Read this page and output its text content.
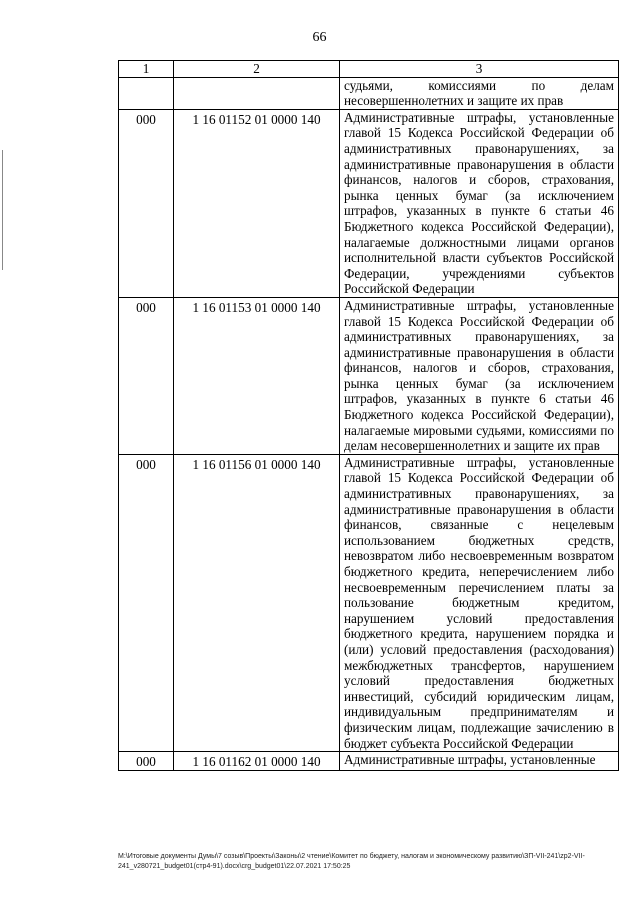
66
1	2	3
		судьями, комиссиями по делам несовершеннолетних и защите их прав
000	1 16 01152 01 0000 140	Административные штрафы, установленные главой 15 Кодекса Российской Федерации об административных правонарушениях, за административные правонарушения в области финансов, налогов и сборов, страхования, рынка ценных бумаг (за исключением штрафов, указанных в пункте 6 статьи 46 Бюджетного кодекса Российской Федерации), налагаемые должностными лицами органов исполнительной власти субъектов Российской Федерации, учреждениями субъектов Российской Федерации
000	1 16 01153 01 0000 140	Административные штрафы, установленные главой 15 Кодекса Российской Федерации об административных правонарушениях, за административные правонарушения в области финансов, налогов и сборов, страхования, рынка ценных бумаг (за исключением штрафов, указанных в пункте 6 статьи 46 Бюджетного кодекса Российской Федерации), налагаемые мировыми судьями, комиссиями по делам несовершеннолетних и защите их прав
000	1 16 01156 01 0000 140	Административные штрафы, установленные главой 15 Кодекса Российской Федерации об административных правонарушениях, за административные правонарушения в области финансов, связанные с нецелевым использованием бюджетных средств, невозвратом либо несвоевременным возвратом бюджетного кредита, неперечислением либо несвоевременным перечислением платы за пользование бюджетным кредитом, нарушением условий предоставления бюджетного кредита, нарушением порядка и (или) условий предоставления (расходования) межбюджетных трансфертов, нарушением условий предоставления бюджетных инвестиций, субсидий юридическим лицам, индивидуальным предпринимателям и физическим лицам, подлежащие зачислению в бюджет субъекта Российской Федерации
000	1 16 01162 01 0000 140	Административные штрафы, установленные
М:\Итоговые документы Думы\7 созыв\Проекты\Законы\2 чтение\Комитет по бюджету, налогам и экономическому развитию\ЗП-VII-241\zp2-VII-241_v280721_budget01(стр4-91).docx\crg_budget01\22.07.2021 17:50:25
